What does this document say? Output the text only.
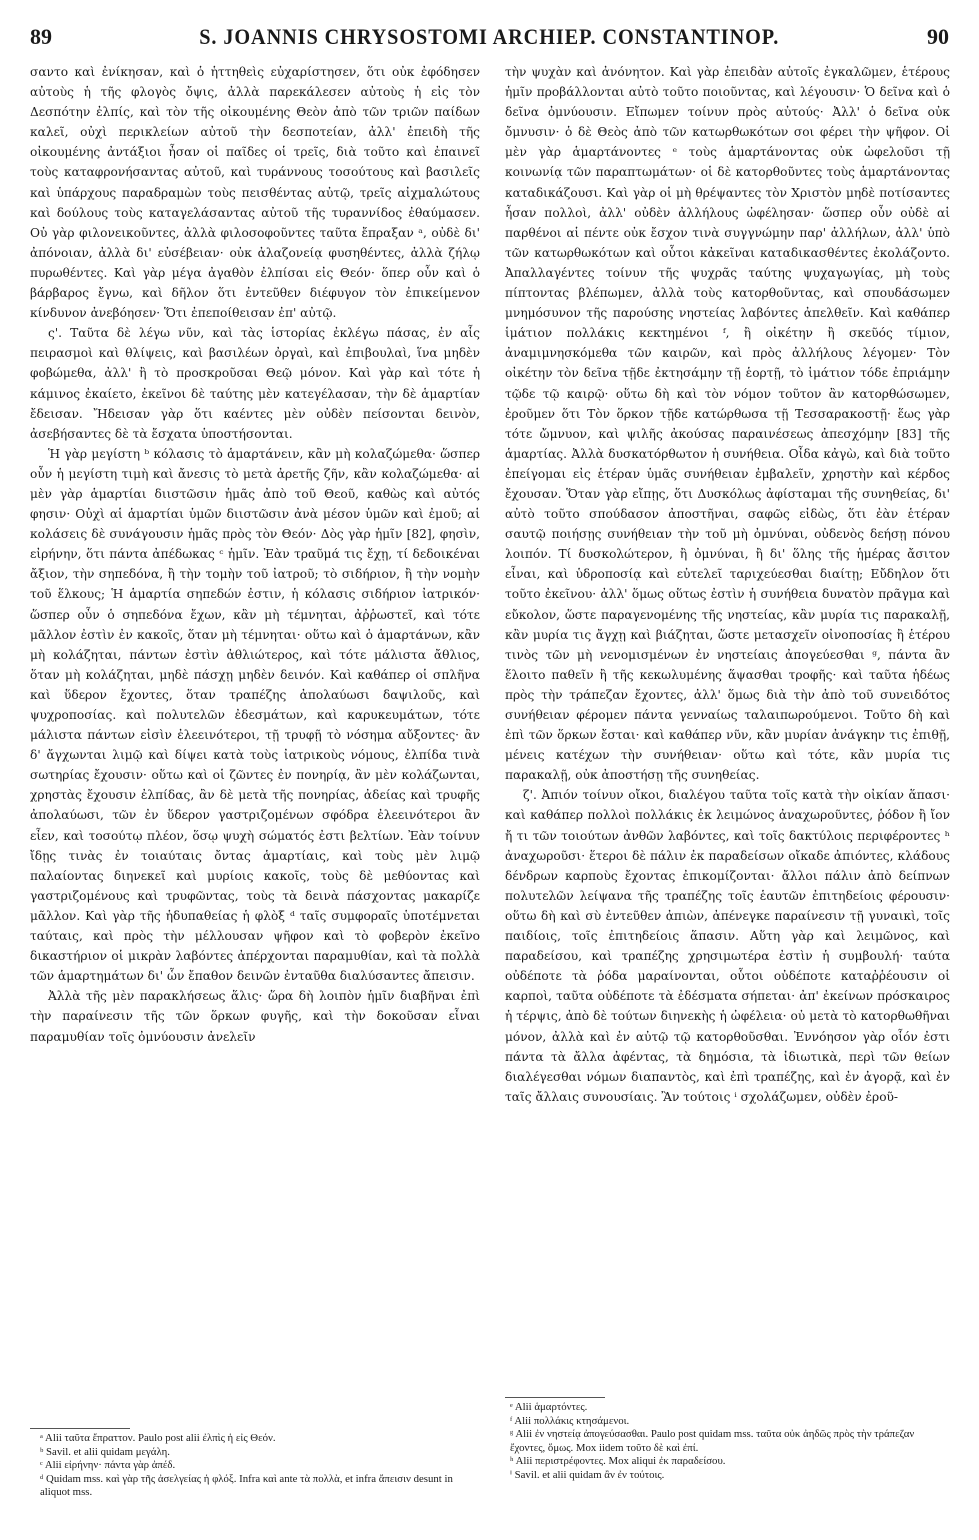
89	S. JOANNIS CHRYSOSTOMI ARCHIEP. CONSTANTINOP.	90

σαντο καὶ ἐνίκησαν, καὶ ὁ ἡττηθεὶς εὐχαρίστησεν, ὅτι οὐκ ἐφόδησεν αὐτοὺς ἡ τῆς φλογὸς ὄψις, ἀλλὰ παρεκάλεσεν αὐτοὺς ἡ εἰς τὸν Δεσπότην ἐλπίς, καὶ τὸν τῆς οἰκουμένης Θεὸν ἀπὸ τῶν τριῶν παίδων καλεῖ, οὐχὶ περικλείων αὐτοῦ τὴν δεσποτείαν, ἀλλ' ἐπειδὴ τῆς οἰκουμένης ἀντάξιοι ἦσαν οἱ παῖδες οἱ τρεῖς, διὰ τοῦτο καὶ ἐπαινεῖ τοὺς καταφρονήσαντας αὐτοῦ, καὶ τυράννους τοσούτους καὶ βασιλεῖς καὶ ὑπάρχους παραδραμὼν τοὺς πεισθέντας αὐτῷ, τρεῖς αἰχμαλώτους καὶ δούλους τοὺς καταγελάσαντας αὐτοῦ τῆς τυραννίδος ἐθαύμασεν. Οὐ γὰρ φιλονεικοῦντες, ἀλλὰ φιλοσοφοῦντες ταῦτα ἔπραξαν ᵃ, οὐδὲ δι' ἀπόνοιαν, ἀλλὰ δι' εὐσέβειαν· οὐκ ἀλαζονείᾳ φυσηθέντες, ἀλλὰ ζήλῳ πυρωθέντες. Καὶ γὰρ μέγα ἀγαθὸν ἐλπίσαι εἰς Θεόν· ὅπερ οὖν καὶ ὁ βάρβαρος ἔγνω, καὶ δῆλον ὅτι ἐντεῦθεν διέφυγον τὸν ἐπικείμενον κίνδυνον ἀνεβόησεν· Ὅτι ἐπεποίθεισαν ἐπ' αὐτῷ.

ς'. Ταῦτα δὲ λέγω νῦν, καὶ τὰς ἱστορίας ἐκλέγω πάσας, ἐν αἷς πειρασμοὶ καὶ θλίψεις, καὶ βασιλέων ὀργαὶ, καὶ ἐπιβουλαὶ, ἵνα μηδὲν φοβώμεθα, ἀλλ' ἢ τὸ προσκροῦσαι Θεῷ μόνον. Καὶ γὰρ καὶ τότε ἡ κάμινος ἐκαίετο, ἐκεῖνοι δὲ ταύτης μὲν κατεγέλασαν, τὴν δὲ ἁμαρτίαν ἔδεισαν. Ἤδεισαν γὰρ ὅτι καέντες μὲν οὐδὲν πείσονται δεινὸν, ἀσεβήσαντες δὲ τὰ ἔσχατα ὑποστήσονται.

Ἡ γὰρ μεγίστη ᵇ κόλασις τὸ ἁμαρτάνειν, κἂν μὴ κολαζώμεθα· ὥσπερ οὖν ἡ μεγίστη τιμὴ καὶ ἄνεσις τὸ μετὰ ἀρετῆς ζῆν, κἂν κολαζώμεθα· αἱ μὲν γὰρ ἁμαρτίαι διιστῶσιν ἡμᾶς ἀπὸ τοῦ Θεοῦ, καθὼς καὶ αὐτός φησιν· Οὐχὶ αἱ ἁμαρτίαι ὑμῶν διιστῶσιν ἀνὰ μέσον ὑμῶν καὶ ἐμοῦ; αἱ κολάσεις δὲ συνάγουσιν ἡμᾶς πρὸς τὸν Θεόν· Δὸς γὰρ ἡμῖν [82], φησὶν, εἰρήνην, ὅτι πάντα ἀπέδωκας ᶜ ἡμῖν. Ἐὰν τραῦμά τις ἔχῃ, τί δεδοικέναι ἄξιον, τὴν σηπεδόνα, ἢ τὴν τομὴν τοῦ ἰατροῦ; τὸ σιδήριον, ἢ τὴν νομὴν τοῦ ἕλκους; Ἡ ἁμαρτία σηπεδών ἐστιν, ἡ κόλασις σιδήριον ἰατρικόν· ὥσπερ οὖν ὁ σηπεδόνα ἔχων, κἂν μὴ τέμνηται, ἀῤῥωστεῖ, καὶ τότε μᾶλλον ἐστὶν ἐν κακοῖς, ὅταν μὴ τέμνηται· οὕτω καὶ ὁ ἁμαρτάνων, κἂν μὴ κολάζηται, πάντων ἐστὶν ἀθλιώτερος, καὶ τότε μάλιστα ἄθλιος, ὅταν μὴ κολάζηται, μηδὲ πάσχῃ μηδὲν δεινόν. Καὶ καθάπερ οἱ σπλῆνα καὶ ὕδερον ἔχοντες, ὅταν τραπέζης ἀπολαύωσι δαψιλοῦς, καὶ ψυχροποσίας. καὶ πολυτελῶν ἐδεσμάτων, καὶ καρυκευμάτων, τότε μάλιστα πάντων εἰσὶν ἐλεεινότεροι, τῇ τρυφῇ τὸ νόσημα αὔξοντες· ἂν δ' ἄγχωνται λιμῷ καὶ δίψει κατὰ τοὺς ἰατρικοὺς νόμους, ἐλπίδα τινὰ σωτηρίας ἔχουσιν· οὕτω καὶ οἱ ζῶντες ἐν πονηρίᾳ, ἂν μὲν κολάζωνται, χρηστὰς ἔχουσιν ἐλπίδας, ἂν δὲ μετὰ τῆς πονηρίας, ἀδείας καὶ τρυφῆς ἀπολαύωσι, τῶν ἐν ὕδερον γαστριζομένων σφόδρα ἐλεεινότεροι ἂν εἶεν, καὶ τοσούτῳ πλέον, ὅσῳ ψυχὴ σώματός ἐστι βελτίων. Ἐὰν τοίνυν ἴδῃς τινὰς ἐν τοιαύταις ὄντας ἁμαρτίαις, καὶ τοὺς μὲν λιμῷ παλαίοντας διηνεκεῖ καὶ μυρίοις κακοῖς, τοὺς δὲ μεθύοντας καὶ γαστριζομένους καὶ τρυφῶντας, τοὺς τὰ δεινὰ πάσχοντας μακαρίζε μᾶλλον. Καὶ γὰρ τῆς ἡδυπαθείας ἡ φλὸξ ᵈ ταῖς συμφοραῖς ὑποτέμνεται ταύταις, καὶ πρὸς τὴν μέλλουσαν ψῆφον καὶ τὸ φοβερὸν ἐκεῖνο δικαστήριον οἱ μικρὰν λαβόντες ἀπέρχονται παραμυθίαν, καὶ τὰ πολλὰ τῶν ἁμαρτημάτων δι' ὧν ἔπαθον δεινῶν ἐνταῦθα διαλύσαντες ἄπεισιν.

Ἀλλὰ τῆς μὲν παρακλήσεως ἅλις· ὥρα δὴ λοιπὸν ἡμῖν διαβῆναι ἐπὶ τὴν παραίνεσιν τῆς τῶν ὅρκων φυγῆς, καὶ τὴν δοκοῦσαν εἶναι παραμυθίαν τοῖς ὀμνύουσιν ἀνελεῖν

τὴν ψυχὰν καὶ ἀνόνητον. Καὶ γὰρ ἐπειδὰν αὐτοῖς ἐγκαλῶμεν, ἑτέρους ἡμῖν προβάλλονται αὐτὸ τοῦτο ποιοῦντας, καὶ λέγουσιν· Ὁ δεῖνα καὶ ὁ δεῖνα ὀμνύουσιν. Εἴπωμεν τοίνυν πρὸς αὐτούς· Ἀλλ' ὁ δεῖνα οὐκ ὄμνυσιν· ὁ δὲ Θεὸς ἀπὸ τῶν κατωρθωκότων σοι φέρει τὴν ψῆφον. Οἱ μὲν γὰρ ἁμαρτάνοντες ᵉ τοὺς ἁμαρτάνοντας οὐκ ὠφελοῦσι τῇ κοινωνίᾳ τῶν παραπτωμάτων· οἱ δὲ κατορθοῦντες τοὺς ἁμαρτάνοντας καταδικάζουσι. Καὶ γὰρ οἱ μὴ θρέψαντες τὸν Χριστὸν μηδὲ ποτίσαντες ἦσαν πολλοὶ, ἀλλ' οὐδὲν ἀλλήλους ὠφέλησαν· ὥσπερ οὖν οὐδὲ αἱ παρθένοι αἱ πέντε οὐκ ἔσχον τινὰ συγγνώμην παρ' ἀλλήλων, ἀλλ' ὑπὸ τῶν κατωρθωκότων καὶ οὗτοι κἀκεῖναι καταδικασθέντες ἐκολάζοντο. Ἀπαλλαγέντες τοίνυν τῆς ψυχρᾶς ταύτης ψυχαγωγίας, μὴ τοὺς πίπτοντας βλέπωμεν, ἀλλὰ τοὺς κατορθοῦντας, καὶ σπουδάσωμεν μνημόσυνον τῆς παρούσης νηστείας λαβόντες ἀπελθεῖν. Καὶ καθάπερ ἱμάτιον πολλάκις κεκτημένοι ᶠ, ἢ οἰκέτην ἢ σκεῦός τίμιον, ἀναμιμνησκόμεθα τῶν καιρῶν, καὶ πρὸς ἀλλήλους λέγομεν· Τὸν οἰκέτην τὸν δεῖνα τῇδε ἐκτησάμην τῇ ἑορτῇ, τὸ ἱμάτιον τόδε ἐπριάμην τῷδε τῷ καιρῷ· οὕτω δὴ καὶ τὸν νόμον τοῦτον ἂν κατορθώσωμεν, ἐροῦμεν ὅτι Τὸν ὅρκον τῇδε κατώρθωσα τῇ Τεσσαρακοστῇ· ἕως γὰρ τότε ὤμνυον, καὶ ψιλῆς ἀκούσας παραινέσεως ἀπεσχόμην [83] τῆς ἁμαρτίας. Ἀλλὰ δυσκατόρθωτον ἡ συνήθεια. Οἶδα κἀγὼ, καὶ διὰ τοῦτο ἐπείγομαι εἰς ἑτέραν ὑμᾶς συνήθειαν ἐμβαλεῖν, χρηστὴν καὶ κέρδος ἔχουσαν. Ὅταν γὰρ εἴπῃς, ὅτι Δυσκόλως ἀφίσταμαι τῆς συνηθείας, δι' αὐτὸ τοῦτο σπούδασον ἀποστῆναι, σαφῶς εἰδὼς, ὅτι ἐὰν ἑτέραν σαυτῷ ποιήσῃς συνήθειαν τὴν τοῦ μὴ ὀμνύναι, οὐδενὸς δεήσῃ πόνου λοιπόν. Τί δυσκολώτερον, ἢ ὀμνύναι, ἢ δι' ὅλης τῆς ἡμέρας ἄσιτον εἶναι, καὶ ὑδροποσίᾳ καὶ εὐτελεῖ ταριχεύεσθαι διαίτῃ; Εὔδηλον ὅτι τοῦτο ἐκεῖνου· ἀλλ' ὅμως οὕτως ἐστὶν ἡ συνήθεια δυνατὸν πρᾶγμα καὶ εὔκολον, ὥστε παραγενομένης τῆς νηστείας, κἂν μυρία τις παρακαλῇ, κἂν μυρία τις ἄγχῃ καὶ βιάζηται, ὥστε μετασχεῖν οἰνοποσίας ἢ ἑτέρου τινὸς τῶν μὴ νενομισμένων ἐν νηστείαις ἀπογεύεσθαι ᵍ, πάντα ἂν ἕλοιτο παθεῖν ἢ τῆς κεκωλυμένης ἅψασθαι τροφῆς· καὶ ταῦτα ἡδέως πρὸς τὴν τράπεζαν ἔχοντες, ἀλλ' ὅμως διὰ τὴν ἀπὸ τοῦ συνειδότος συνήθειαν φέρομεν πάντα γενναίως ταλαιπωρούμενοι. Τοῦτο δὴ καὶ ἐπὶ τῶν ὅρκων ἔσται· καὶ καθάπερ νῦν, κἂν μυρίαν ἀνάγκην τις ἐπιθῇ, μένεις κατέχων τὴν συνήθειαν· οὕτω καὶ τότε, κἂν μυρία τις παρακαλῇ, οὐκ ἀποστήσῃ τῆς συνηθείας.

ζ'. Ἀπιόν τοίνυν οἴκοι, διαλέγου ταῦτα τοῖς κατὰ τὴν οἰκίαν ἅπασι· καὶ καθάπερ πολλοὶ πολλάκις ἐκ λειμώνος ἀναχωροῦντες, ῥόδον ἢ ἴον ἤ τι τῶν τοιούτων ἀνθῶν λαβόντες, καὶ τοῖς δακτύλοις περιφέροντες ʰ ἀναχωροῦσι· ἕτεροι δὲ πάλιν ἐκ παραδείσων οἴκαδε ἀπιόντες, κλάδους δένδρων καρποὺς ἔχοντας ἐπικομίζονται· ἄλλοι πάλιν ἀπὸ δείπνων πολυτελῶν λείψανα τῆς τραπέζης τοῖς ἑαυτῶν ἐπιτηδείοις φέρουσιν· οὕτω δὴ καὶ σὺ ἐντεῦθεν ἀπιὼν, ἀπένεγκε παραίνεσιν τῇ γυναικὶ, τοῖς παιδίοις, τοῖς ἐπιτηδείοις ἅπασιν. Αὕτη γὰρ καὶ λειμῶνος, καὶ παραδείσου, καὶ τραπέζης χρησιμωτέρα ἐστὶν ἡ συμβουλή· ταύτα οὐδέποτε τὰ ῥόδα μαραίνονται, οὗτοι οὐδέποτε καταῤῥέουσιν οἱ καρποὶ, ταῦτα οὐδέποτε τὰ ἐδέσματα σήπεται· ἀπ' ἐκείνων πρόσκαιρος ἡ τέρψις, ἀπὸ δὲ τούτων διηνεκὴς ἡ ὠφέλεια· οὐ μετὰ τὸ κατορθωθῆναι μόνον, ἀλλὰ καὶ ἐν αὐτῷ τῷ κατορθοῦσθαι. Ἐννόησον γὰρ οἷόν ἐστι πάντα τὰ ἄλλα ἀφέντας, τὰ δημόσια, τὰ ἰδιωτικὰ, περὶ τῶν θείων διαλέγεσθαι νόμων διαπαντὸς, καὶ ἐπὶ τραπέζης, καὶ ἐν ἀγορᾷ, καὶ ἐν ταῖς ἄλλαις συνουσίαις. Ἂν τούτοις ⁱ σχολάζωμεν, οὐδὲν ἐροῦ-

ᵃ Alii ταῦτα ἔπραττον. Paulo post alii ἐλπὶς ἡ εἰς Θεόν.
ᵇ Savil. et alii quidam μεγάλη.
ᶜ Alii εἰρήνην· πάντα γὰρ ἀπέδ.
ᵈ Quidam mss. καὶ γὰρ τῆς ἀσελγείας ἡ φλόξ. Infra καὶ ante τὰ πολλὰ, et infra ἄπεισιν desunt in aliquot mss.
ᵉ Alii ἁμαρτόντες.
ᶠ Alii πολλάκις κτησάμενοι.
ᵍ Alii ἐν νηστείᾳ ἀπογεύσασθαι. Paulo post quidam mss. ταῦτα οὐκ ἀηδῶς πρὸς τὴν τράπεζαν ἔχοντες, ὅμως. Mox iidem τοῦτο δὲ καὶ ἐπί.
ʰ Alii περιστρέφοντες. Mox aliqui ἐκ παραδείσου.
ⁱ Savil. et alii quidam ἂν ἐν τούτοις.
